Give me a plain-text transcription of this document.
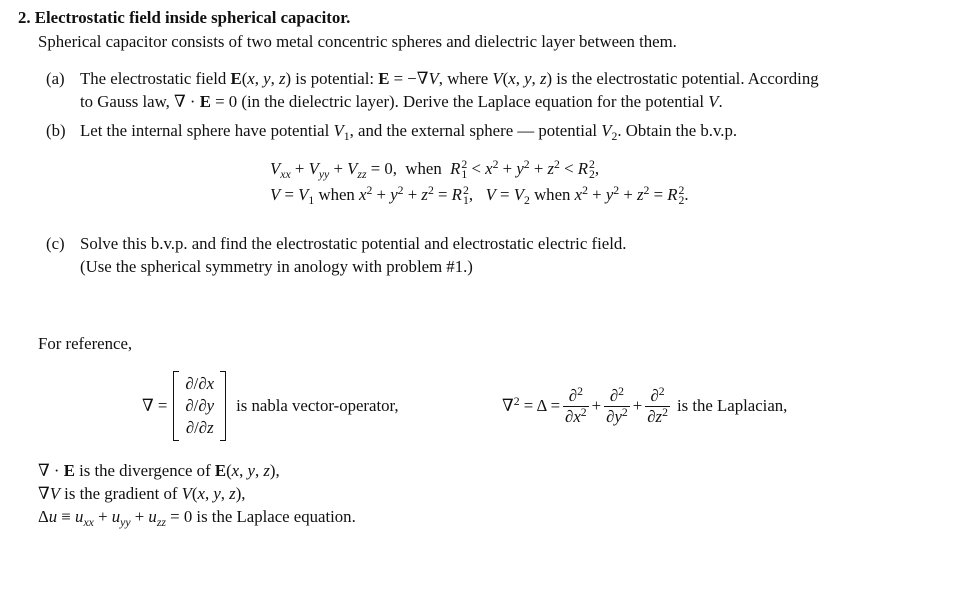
2. Electrostatic field inside spherical capacitor.
Spherical capacitor consists of two metal concentric spheres and dielectric layer between them.
(a) The electrostatic field E(x, y, z) is potential: E = −∇V, where V(x, y, z) is the electrostatic potential. According
to Gauss law, ∇ · E = 0 (in the dielectric layer). Derive the Laplace equation for the potential V.
(b) Let the internal sphere have potential $V_1$, and the external sphere — potential $V_2$. Obtain the b.v.p.
$V_{xx} + V_{yy} + V_{zz} = 0$,  when R 2
$1 < x^2 + y^2 + z^2 < R$ 2
2 ,
$V = V_1$ when $x^2 + y^2 + z^2 = R$ 2
1 ,   $V = V_2$ when $x^2 + y^2 + z^2 = R$ 2
2 .
(c) Solve this b.v.p. and find the electrostatic potential and electrostatic electric field.
(Use the spherical symmetry in anology with problem #1.)
For reference,
∇ =
∂/∂x
∂/∂y
∂/∂z
is nabla vector-operator,	$\nabla^2 = \Delta = \frac{\partial^2}{\partial x^2} + \frac{\partial^2}{\partial y^2} + \frac{\partial^2}{\partial z^2}$ is the Laplacian,
∇ · E is the divergence of E(x, y, z),
∇V is the gradient of V(x, y, z),
$\Delta u \equiv u_{xx} + u_{yy} + u_{zz} = 0$ is the Laplace equation.
